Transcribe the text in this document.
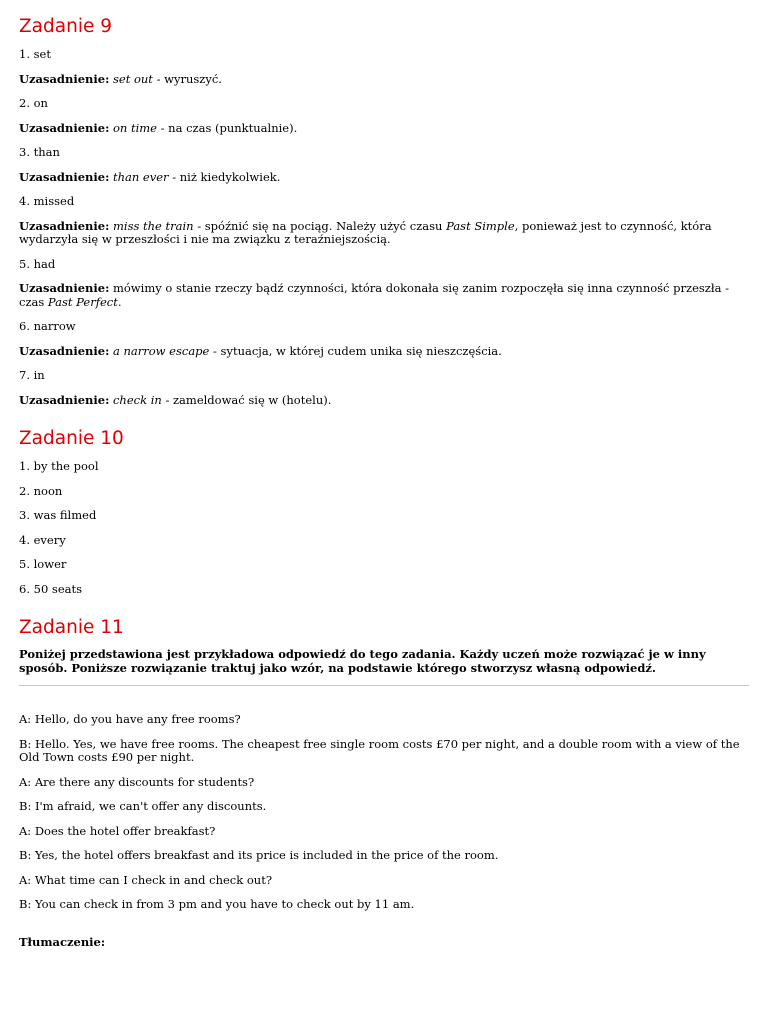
Zadanie 9

1. set

Uzasadnienie: set out - wyruszyć.

2. on

Uzasadnienie: on time - na czas (punktualnie).

3. than

Uzasadnienie: than ever - niż kiedykolwiek.

4. missed

Uzasadnienie: miss the train - spóźnić się na pociąg. Należy użyć czasu Past Simple, ponieważ jest to czynność, która wydarzyła się w przeszłości i nie ma związku z teraźniejszością.

5. had

Uzasadnienie: mówimy o stanie rzeczy bądź czynności, która dokonała się zanim rozpoczęła się inna czynność przeszła - czas Past Perfect.

6. narrow

Uzasadnienie: a narrow escape - sytuacja, w której cudem unika się nieszczęścia.

7. in

Uzasadnienie: check in - zameldować się w (hotelu).

Zadanie 10

1. by the pool

2. noon

3. was filmed

4. every

5. lower

6. 50 seats

Zadanie 11

Poniżej przedstawiona jest przykładowa odpowiedź do tego zadania. Każdy uczeń może rozwiązać je w inny sposób. Poniższe rozwiązanie traktuj jako wzór, na podstawie którego stworzysz własną odpowiedź.

A: Hello, do you have any free rooms?

B: Hello. Yes, we have free rooms. The cheapest free single room costs £70 per night, and a double room with a view of the Old Town costs £90 per night.

A: Are there any discounts for students?

B: I'm afraid, we can't offer any discounts.

A: Does the hotel offer breakfast?

B: Yes, the hotel offers breakfast and its price is included in the price of the room.

A: What time can I check in and check out?

B: You can check in from 3 pm and you have to check out by 11 am.

Tłumaczenie:
